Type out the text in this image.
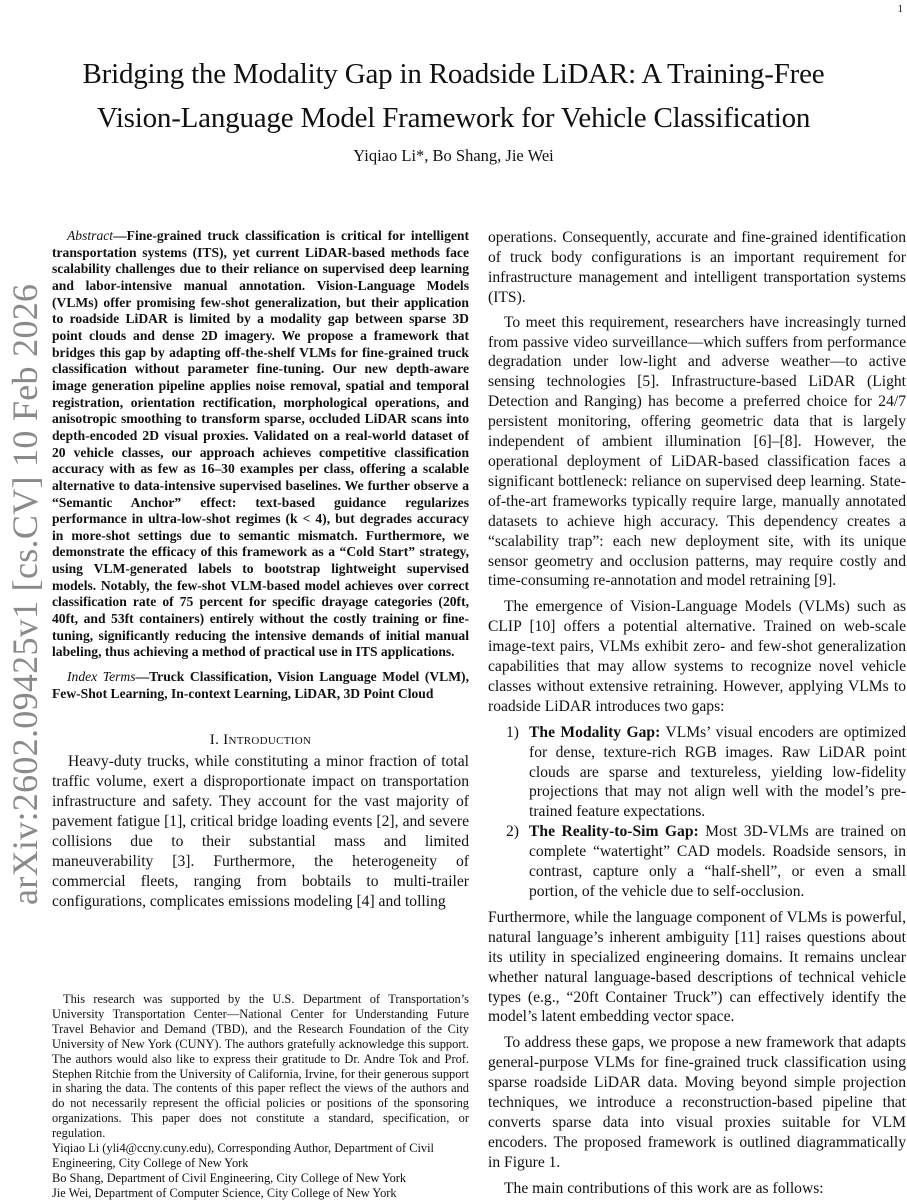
1
arXiv:2602.09425v1 [cs.CV] 10 Feb 2026
Bridging the Modality Gap in Roadside LiDAR: A Training-Free
Vision-Language Model Framework for Vehicle Classification
Yiqiao Li*, Bo Shang, Jie Wei

Abstract—Fine-grained truck classification is critical for intelligent transportation systems (ITS), yet current LiDAR-based methods face scalability challenges due to their reliance on supervised deep learning and labor-intensive manual annotation. Vision-Language Models (VLMs) offer promising few-shot generalization, but their application to roadside LiDAR is limited by a modality gap between sparse 3D point clouds and dense 2D imagery. We propose a framework that bridges this gap by adapting off-the-shelf VLMs for fine-grained truck classification without parameter fine-tuning. Our new depth-aware image generation pipeline applies noise removal, spatial and temporal registration, orientation rectification, morphological operations, and anisotropic smoothing to transform sparse, occluded LiDAR scans into depth-encoded 2D visual proxies. Validated on a real-world dataset of 20 vehicle classes, our approach achieves competitive classification accuracy with as few as 16–30 examples per class, offering a scalable alternative to data-intensive supervised baselines. We further observe a “Semantic Anchor” effect: text-based guidance regularizes performance in ultra-low-shot regimes (k < 4), but degrades accuracy in more-shot settings due to semantic mismatch. Furthermore, we demonstrate the efficacy of this framework as a “Cold Start” strategy, using VLM-generated labels to bootstrap lightweight supervised models. Notably, the few-shot VLM-based model achieves over correct classification rate of 75 percent for specific drayage categories (20ft, 40ft, and 53ft containers) entirely without the costly training or fine-tuning, significantly reducing the intensive demands of initial manual labeling, thus achieving a method of practical use in ITS applications.

Index Terms—Truck Classification, Vision Language Model (VLM), Few-Shot Learning, In-context Learning, LiDAR, 3D Point Cloud

I. Introduction

Heavy-duty trucks, while constituting a minor fraction of total traffic volume, exert a disproportionate impact on transportation infrastructure and safety. They account for the vast majority of pavement fatigue [1], critical bridge loading events [2], and severe collisions due to their substantial mass and limited maneuverability [3]. Furthermore, the heterogeneity of commercial fleets, ranging from bobtails to multi-trailer configurations, complicates emissions modeling [4] and tolling

This research was supported by the U.S. Department of Transportation’s University Transportation Center—National Center for Understanding Future Travel Behavior and Demand (TBD), and the Research Foundation of the City University of New York (CUNY). The authors gratefully acknowledge this support. The authors would also like to express their gratitude to Dr. Andre Tok and Prof. Stephen Ritchie from the University of California, Irvine, for their generous support in sharing the data. The contents of this paper reflect the views of the authors and do not necessarily represent the official policies or positions of the sponsoring organizations. This paper does not constitute a standard, specification, or regulation.

Yiqiao Li (yli4@ccny.cuny.edu), Corresponding Author, Department of Civil Engineering, City College of New York

Bo Shang, Department of Civil Engineering, City College of New York

Jie Wei, Department of Computer Science, City College of New York

operations. Consequently, accurate and fine-grained identification of truck body configurations is an important requirement for infrastructure management and intelligent transportation systems (ITS).

To meet this requirement, researchers have increasingly turned from passive video surveillance—which suffers from performance degradation under low-light and adverse weather—to active sensing technologies [5]. Infrastructure-based LiDAR (Light Detection and Ranging) has become a preferred choice for 24/7 persistent monitoring, offering geometric data that is largely independent of ambient illumination [6]–[8]. However, the operational deployment of LiDAR-based classification faces a significant bottleneck: reliance on supervised deep learning. State-of-the-art frameworks typically require large, manually annotated datasets to achieve high accuracy. This dependency creates a “scalability trap”: each new deployment site, with its unique sensor geometry and occlusion patterns, may require costly and time-consuming re-annotation and model retraining [9].

The emergence of Vision-Language Models (VLMs) such as CLIP [10] offers a potential alternative. Trained on web-scale image-text pairs, VLMs exhibit zero- and few-shot generalization capabilities that may allow systems to recognize novel vehicle classes without extensive retraining. However, applying VLMs to roadside LiDAR introduces two gaps:

1) The Modality Gap: VLMs’ visual encoders are optimized for dense, texture-rich RGB images. Raw LiDAR point clouds are sparse and textureless, yielding low-fidelity projections that may not align well with the model’s pre-trained feature expectations.
2) The Reality-to-Sim Gap: Most 3D-VLMs are trained on complete “watertight” CAD models. Roadside sensors, in contrast, capture only a “half-shell”, or even a small portion, of the vehicle due to self-occlusion.

Furthermore, while the language component of VLMs is powerful, natural language’s inherent ambiguity [11] raises questions about its utility in specialized engineering domains. It remains unclear whether natural language-based descriptions of technical vehicle types (e.g., “20ft Container Truck”) can effectively identify the model’s latent embedding vector space.

To address these gaps, we propose a new framework that adapts general-purpose VLMs for fine-grained truck classification using sparse roadside LiDAR data. Moving beyond simple projection techniques, we introduce a reconstruction-based pipeline that converts sparse data into visual proxies suitable for VLM encoders. The proposed framework is outlined diagrammatically in Figure 1.

The main contributions of this work are as follows:
